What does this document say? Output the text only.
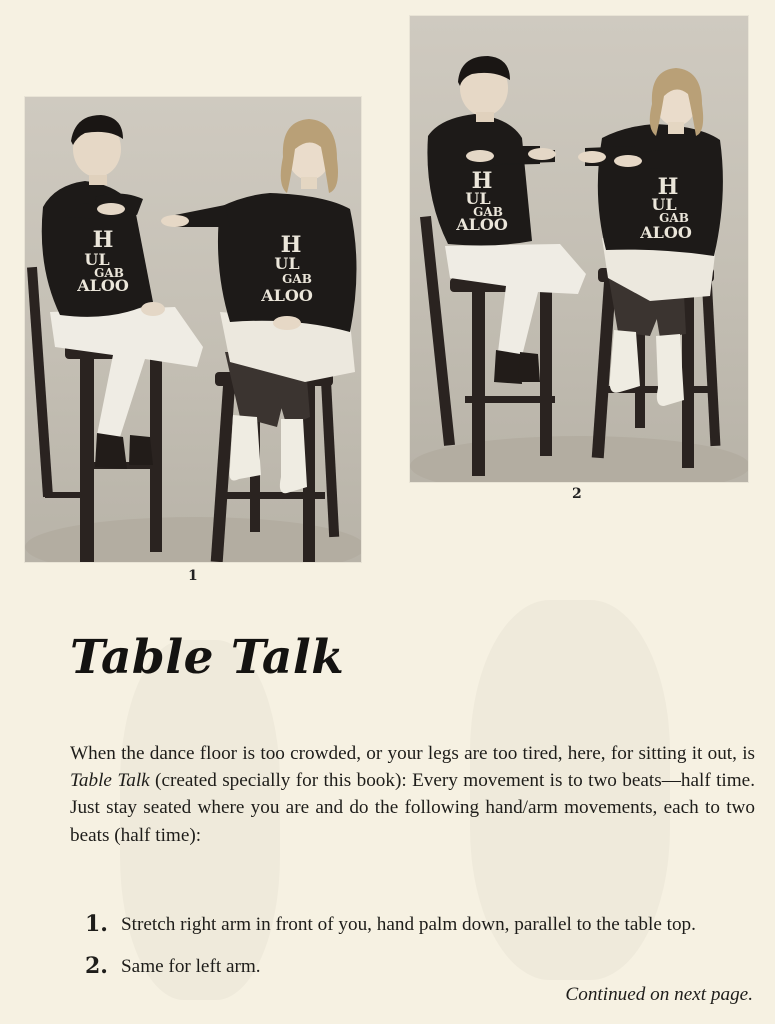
H
UL
GAB
ALOO
H
UL
GAB
ALOO
1
H
UL
GAB
ALOO
H
UL
GAB
ALOO
2
Table Talk

When the dance floor is too crowded, or your legs are too tired, here, for sitting it out, is Table Talk (created specially for this book): Every movement is to two beats—half time. Just stay seated where you are and do the following hand/arm movements, each to two beats (half time):

1. Stretch right arm in front of you, hand palm down, parallel to the table top.
2. Same for left arm.
Continued on next page.
